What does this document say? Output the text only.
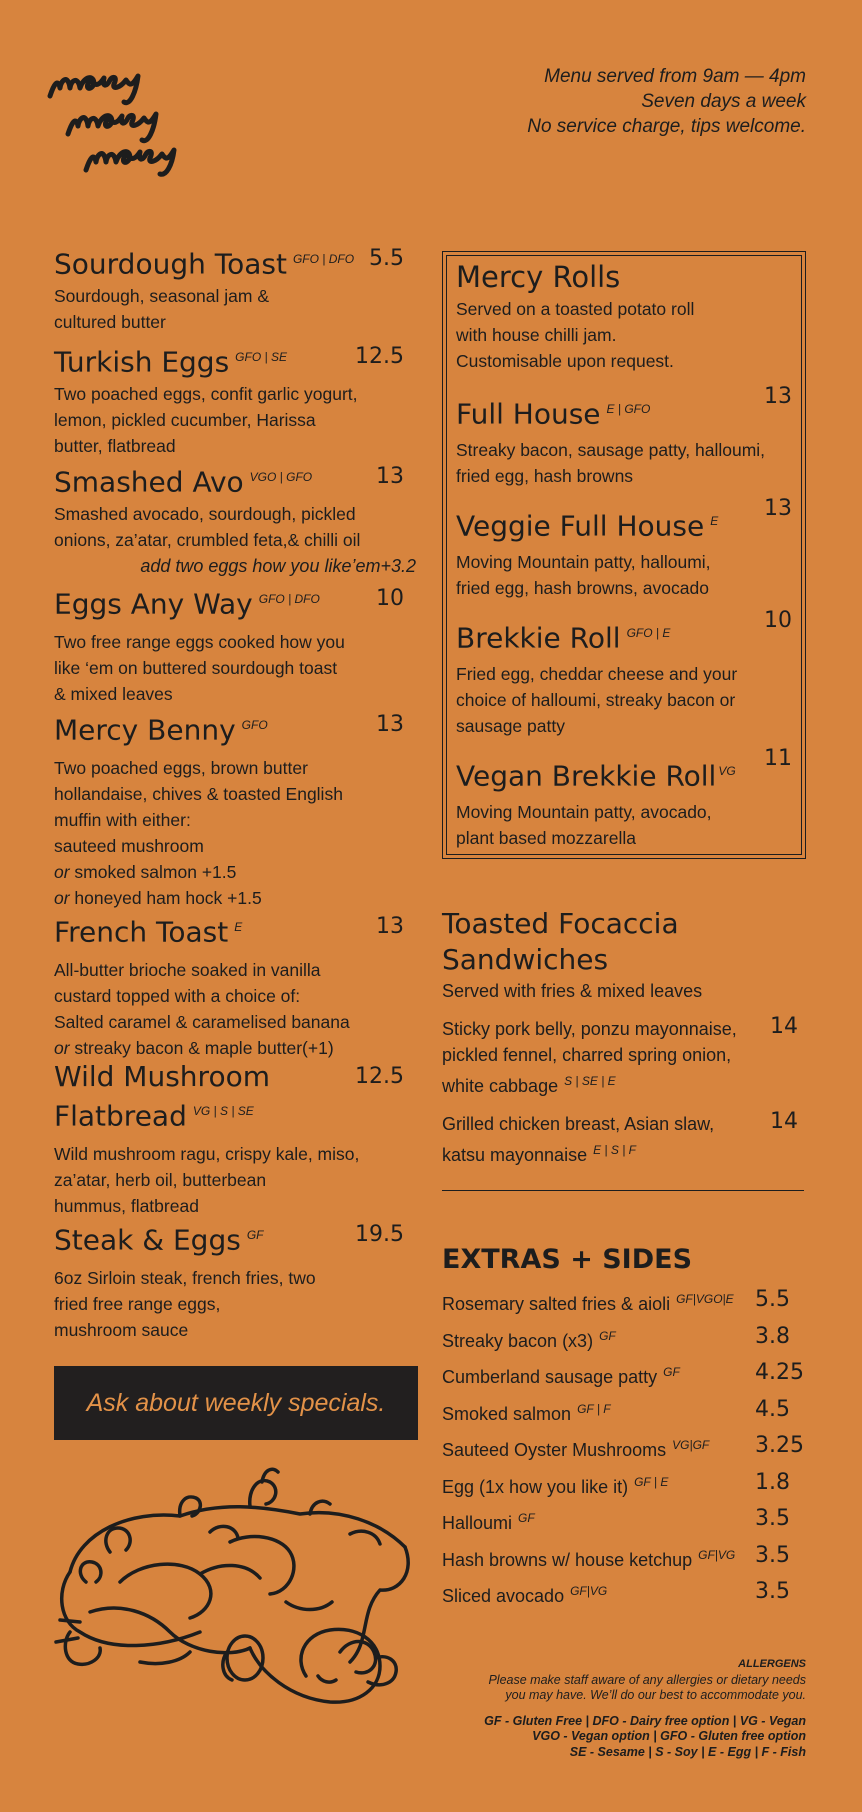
Menu served from 9am — 4pm
Seven days a week
No service charge, tips welcome.
Sourdough Toast $^{GFO | DFO}$ 5.5
Sourdough, seasonal jam &
cultured butter
Turkish Eggs $^{GFO | SE}$	12.5
Two poached eggs, confit garlic yogurt,
lemon, pickled cucumber, Harissa
butter, flatbread
Smashed Avo $^{VGO | GFO}$	13
Smashed avocado, sourdough, pickled
onions, za’atar, crumbled feta,& chilli oil
add two eggs how you like’em+3.2
Eggs Any Way $^{GFO | DFO}$	10
Two free range eggs cooked how you
like ‘em on buttered sourdough toast
& mixed leaves
Mercy Benny $^{GFO}$	13
Two poached eggs, brown butter
hollandaise, chives & toasted English
muffin with either:
sauteed mushroom
or smoked salmon +1.5
or honeyed ham hock +1.5
French Toast $^E$	13
All-butter brioche soaked in vanilla
custard topped with a choice of:
Salted caramel & caramelised banana
or streaky bacon & maple butter(+1)
Wild Mushroom
Flatbread $^{VG | S | SE}$
12.5
Wild mushroom ragu, crispy kale, miso,
za’atar, herb oil, butterbean
hummus, flatbread
Steak & Eggs $^{GF}$	19.5
6oz Sirloin steak, french fries, two
fried free range eggs,
mushroom sauce
Ask about weekly specials.
Mercy Rolls
Served on a toasted potato roll
with house chilli jam.
Customisable upon request.
Full House $^{E | GFO}$	13
Streaky bacon, sausage patty, halloumi,
fried egg, hash browns
Veggie Full House $^E$	13
Moving Mountain patty, halloumi,
fried egg, hash browns, avocado
Brekkie Roll $^{GFO | E}$	10
Fried egg, cheddar cheese and your
choice of halloumi, streaky bacon or
sausage patty
Vegan Brekkie Roll $^{VG}$	11
Moving Mountain patty, avocado,
plant based mozzarella
Toasted Focaccia
Sandwiches
Served with fries & mixed leaves
Sticky pork belly, ponzu mayonnaise,
pickled fennel, charred spring onion,
white cabbage $^{S | SE | E}$
14
Grilled chicken breast, Asian slaw,
katsu mayonnaise $^{E | S | F}$
14
EXTRAS + SIDES
Rosemary salted fries & aioli $^{GF|VGO|E}$ 5.5
Streaky bacon (x3) $^{GF}$	3.8
Cumberland sausage patty $^{GF}$	4.25
Smoked salmon $^{GF | F}$	4.5
Sauteed Oyster Mushrooms $^{VG|GF}$ 3.25
Egg (1x how you like it) $^{GF | E}$	1.8
Halloumi $^{GF}$	3.5
Hash browns w/ house ketchup $^{GF|VG}$ 3.5
Sliced avocado $^{GF|VG}$	3.5
ALLERGENS
Please make staff aware of any allergies or dietary needs
you may have. We’ll do our best to accommodate you.
GF - Gluten Free | DFO - Dairy free option | VG - Vegan
VGO - Vegan option | GFO - Gluten free option
SE - Sesame | S - Soy | E - Egg | F - Fish
